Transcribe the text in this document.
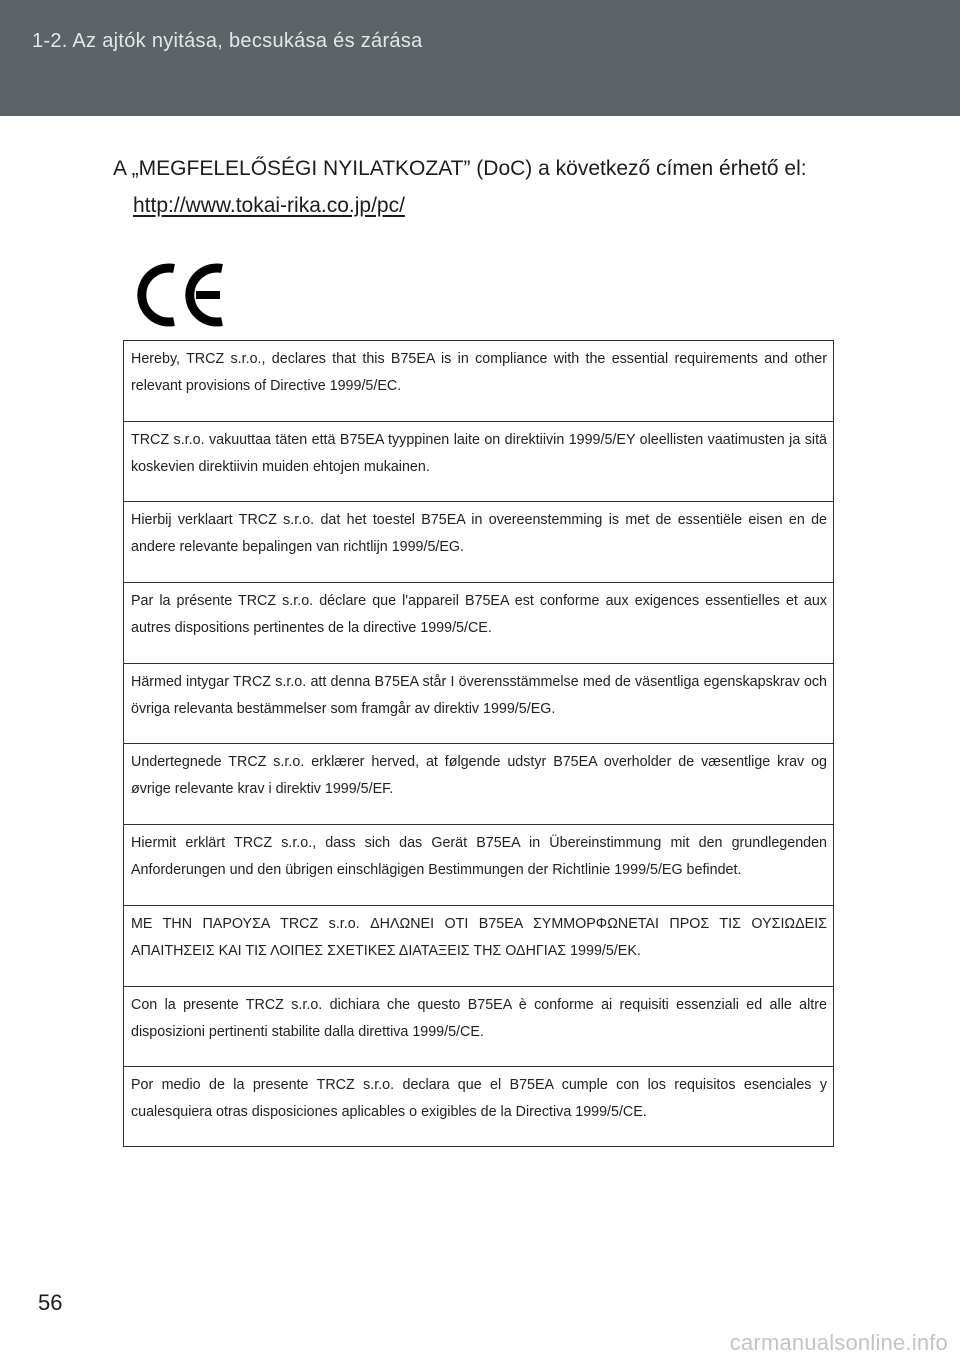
1-2. Az ajtók nyitása, becsukása és zárása
A „MEGFELELŐSÉGI NYILATKOZAT” (DoC) a következő címen érhető el:
http://www.tokai-rika.co.jp/pc/
Hereby, TRCZ s.r.o., declares that this B75EA is in compliance with the essential requirements and other relevant provisions of Directive 1999/5/EC.
TRCZ s.r.o. vakuuttaa täten että B75EA tyyppinen laite on direktiivin 1999/5/EY oleellisten vaatimusten ja sitä koskevien direktiivin muiden ehtojen mukainen.
Hierbij verklaart TRCZ s.r.o. dat het toestel B75EA in overeenstemming is met de essentiële eisen en de andere relevante bepalingen van richtlijn 1999/5/EG.
Par la présente TRCZ s.r.o. déclare que l'appareil B75EA est conforme aux exigences essentielles et aux autres dispositions pertinentes de la directive 1999/5/CE.
Härmed intygar TRCZ s.r.o. att denna B75EA står I överensstämmelse med de väsentliga egenskapskrav och övriga relevanta bestämmelser som framgår av direktiv 1999/5/EG.
Undertegnede TRCZ s.r.o. erklærer herved, at følgende udstyr B75EA overholder de væsentlige krav og øvrige relevante krav i direktiv 1999/5/EF.
Hiermit erklärt TRCZ s.r.o., dass sich das Gerät B75EA in Übereinstimmung mit den grundlegenden Anforderungen und den übrigen einschlägigen Bestimmungen der Richtlinie 1999/5/EG befindet.
ΜΕ ΤΗΝ ΠΑΡΟΥΣΑ TRCZ s.r.o. ΔΗΛΩΝΕΙ ΟΤΙ B75EA ΣΥΜΜΟΡΦΩΝΕΤΑΙ ΠΡΟΣ ΤΙΣ ΟΥΣΙΩΔΕΙΣ ΑΠΑΙΤΗΣΕΙΣ ΚΑΙ ΤΙΣ ΛΟΙΠΕΣ ΣΧΕΤΙΚΕΣ ΔΙΑΤΑΞΕΙΣ ΤΗΣ ΟΔΗΓΙΑΣ 1999/5/ΕΚ.
Con la presente TRCZ s.r.o. dichiara che questo B75EA è conforme ai requisiti essenziali ed alle altre disposizioni pertinenti stabilite dalla direttiva 1999/5/CE.
Por medio de la presente TRCZ s.r.o. declara que el B75EA cumple con los requisitos esenciales y cualesquiera otras disposiciones aplicables o exigibles de la Directiva 1999/5/CE.
56
carmanualsonline.info
